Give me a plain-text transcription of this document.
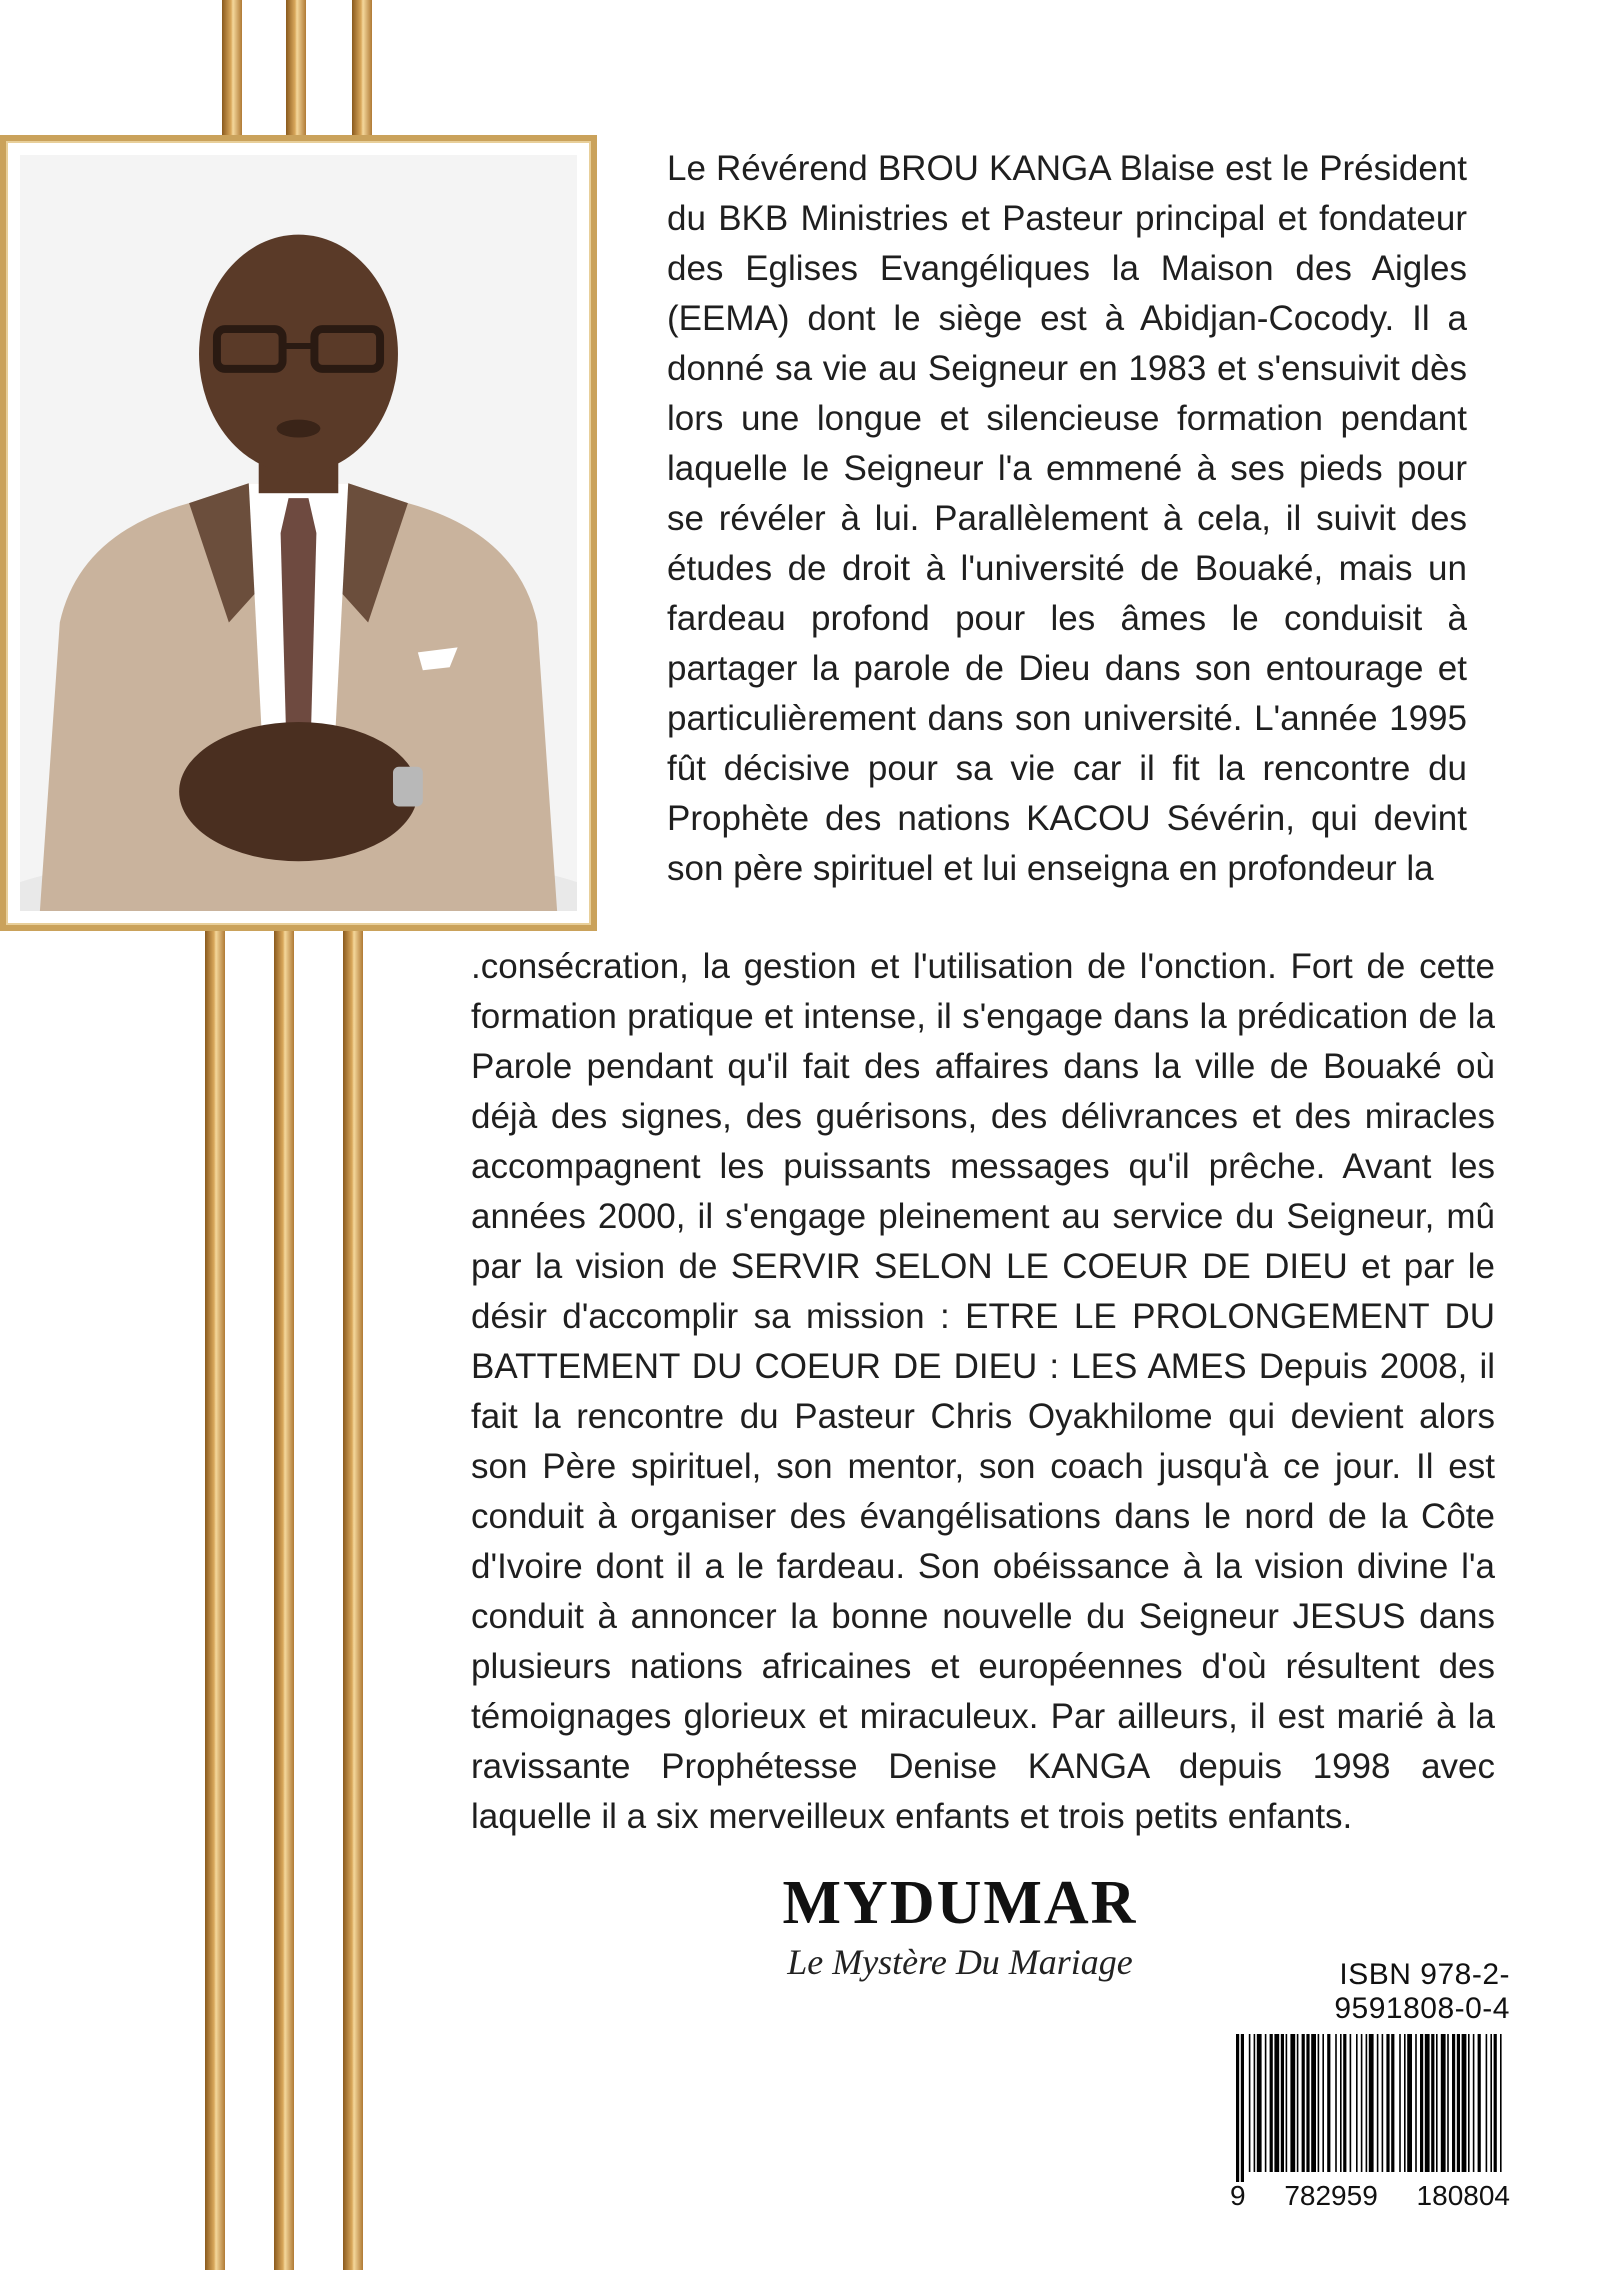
Le Révérend BROU KANGA Blaise est le Président du BKB Ministries et Pasteur principal et fondateur des Eglises Evangéliques la Maison des Aigles (EEMA) dont le siège est à Abidjan-Cocody. Il a donné sa vie au Seigneur en 1983 et s'ensuivit dès lors une longue et silencieuse formation pendant laquelle le Seigneur l'a emmené à ses pieds pour se révéler à lui. Parallèlement à cela, il suivit des études de droit à l'université de Bouaké, mais un fardeau profond pour les âmes le conduisit à partager la parole de Dieu dans son entourage et particulièrement dans son université. L'année 1995 fût décisive pour sa vie car il fit la rencontre du Prophète des nations KACOU Sévérin, qui devint son père spirituel et lui enseigna en profondeur la
.consécration, la gestion et l'utilisation de l'onction. Fort de cette formation pratique et intense, il s'engage dans la prédication de la Parole pendant qu'il fait des affaires dans la ville de Bouaké où déjà des signes, des guérisons, des délivrances et des miracles accompagnent les puissants messages qu'il prêche. Avant les années 2000, il s'engage pleinement au service du Seigneur, mû par la vision de SERVIR SELON LE COEUR DE DIEU et par le désir d'accomplir sa mission : ETRE LE PROLONGEMENT DU BATTEMENT DU COEUR DE DIEU : LES AMES Depuis 2008, il fait la rencontre du Pasteur Chris Oyakhilome qui devient alors son Père spirituel, son mentor, son coach jusqu'à ce jour. Il est conduit à organiser des évangélisations dans le nord de la Côte d'Ivoire dont il a le fardeau. Son obéissance à la vision divine l'a conduit à annoncer la bonne nouvelle du Seigneur JESUS dans plusieurs nations africaines et européennes d'où résultent des témoignages glorieux et miraculeux. Par ailleurs, il est marié à la ravissante Prophétesse Denise KANGA depuis 1998 avec laquelle il a six merveilleux enfants et trois petits enfants.
MYDUMAR
Le Mystère Du Mariage	ISBN 978-2-9591808-0-4
9 782959 180804
